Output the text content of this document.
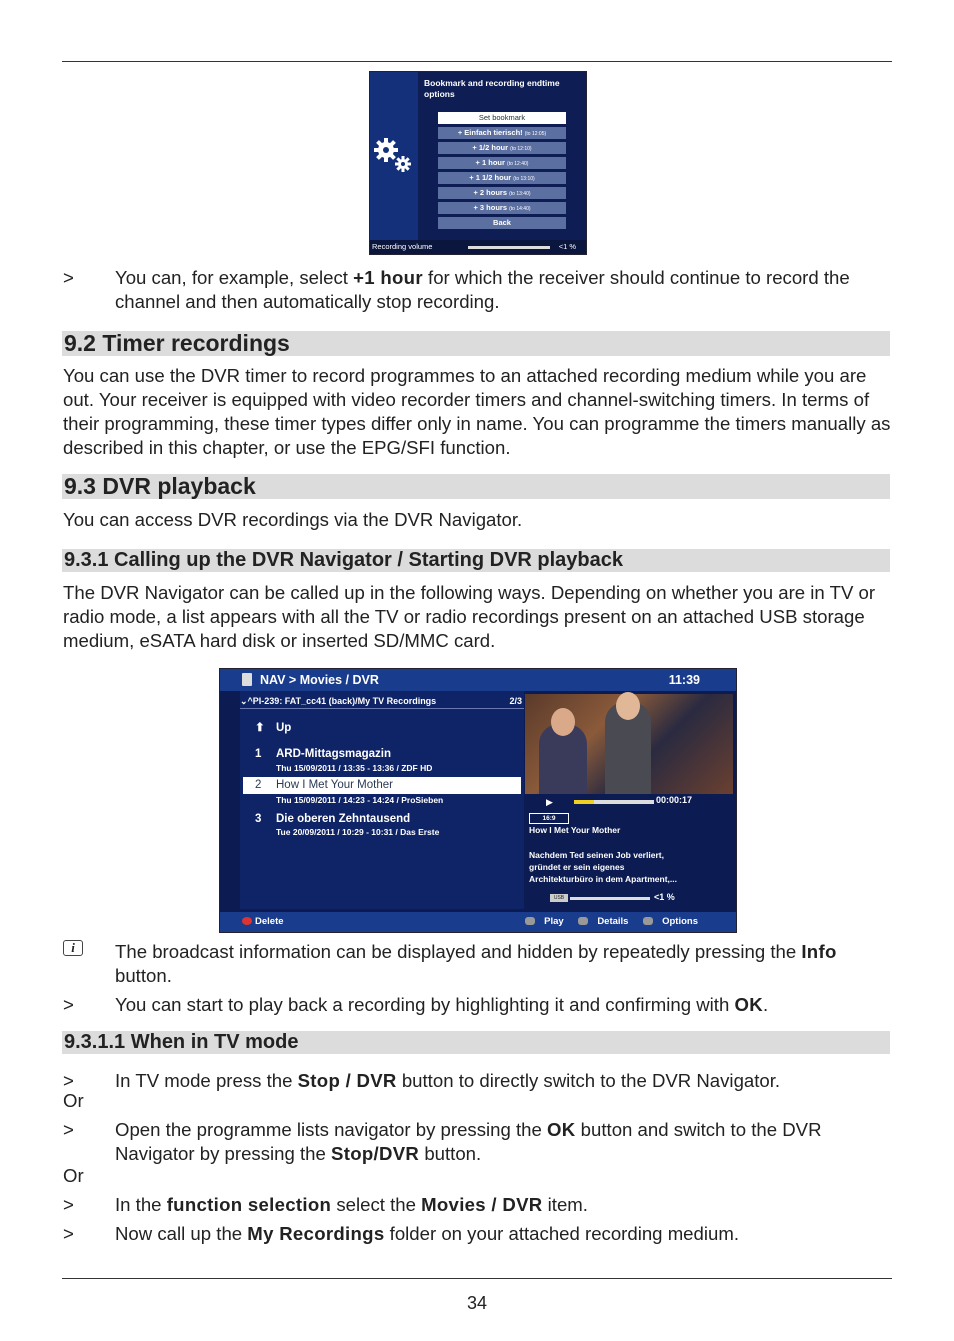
Bookmark and recording endtime options
Set bookmark
+ Einfach tierisch! (to 12:05)
+ 1/2 hour (to 12:10)
+ 1 hour (to 12:40)
+ 1 1/2 hour (to 13:10)
+ 2 hours (to 13:40)
+ 3 hours (to 14:40)
Back
Recording volume	<1 %
>	You can, for example, select +1 hour for which the receiver should continue to record the channel and then automatically stop recording.
9.2 Timer recordings

You can use the DVR timer to record programmes to an attached recording medium while you are out. Your receiver is equipped with video recorder timers and channel-switching timers. In terms of their programming, these timer types differ only in name. You can programme the timers manually as described in this chapter, or use the EPG/SFI function.

9.3 DVR playback

You can access DVR recordings via the DVR Navigator.

9.3.1 Calling up the DVR Navigator / Starting DVR playback

The DVR Navigator can be called up in the following ways. Depending on whether you are in TV or radio mode, a list appears with all the TV or radio recordings present on an attached USB storage medium, eSATA hard disk or inserted SD/MMC card.

NAV > Movies / DVR	11:39
⌄^PI-239: FAT_cc41 (back)/My TV Recordings	2/3
⬆ Up
1 ARD-Mittagsmagazin
Thu 15/09/2011 / 13:35 - 13:36 / ZDF HD
2 How I Met Your Mother
Thu 15/09/2011 / 14:23 - 14:24 / ProSieben
3 Die oberen Zehntausend
Tue 20/09/2011 / 10:29 - 10:31 / Das Erste
▶	00:00:17
16:9
How I Met Your Mother
Nachdem Ted seinen Job verliert,
gründet er sein eigenes
Architekturbüro in dem Apartment,...
USB	<1 %
Delete	Play	Details	Options
i	The broadcast information can be displayed and hidden by repeatedly pressing the Info button.
>	You can start to play back a recording by highlighting it and confirming with OK.
9.3.1.1 When in TV mode
>	In TV mode press the Stop / DVR button to directly switch to the DVR Navigator.
Or
>	Open the programme lists navigator by pressing the OK button and switch to the DVR Navigator by pressing the Stop/DVR button.
Or
>	In the function selection select the Movies / DVR item.
>	Now call up the My Recordings folder on your attached recording medium.
34
